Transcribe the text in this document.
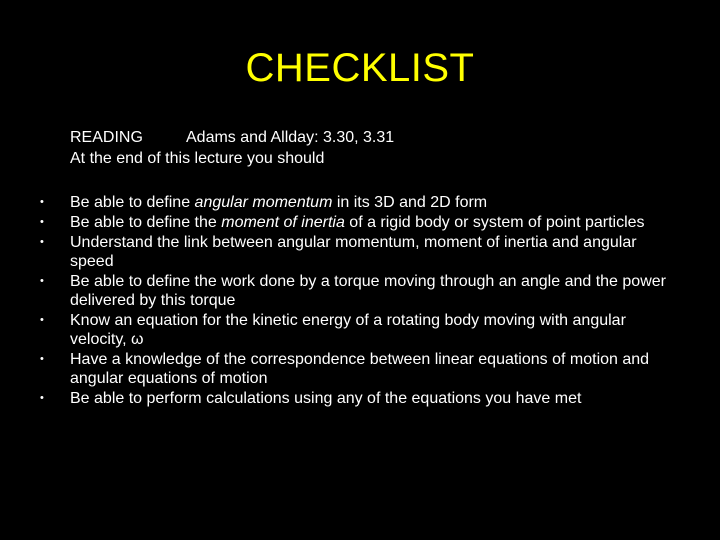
CHECKLIST
READING	Adams and Allday: 3.30, 3.31
At the end of this lecture you should
•	Be able to define angular momentum in its 3D and 2D form
•	Be able to define the moment of inertia of a rigid body or system of point particles
•	Understand the link between angular momentum, moment of inertia and angular speed
•	Be able to define the work done by a torque moving through an angle and the power delivered by this torque
•	Know an equation for the kinetic energy of a rotating body moving with angular velocity, ω
•	Have a knowledge of the correspondence between linear equations of motion and angular equations of motion
•	Be able to perform calculations using any of the equations you have met
